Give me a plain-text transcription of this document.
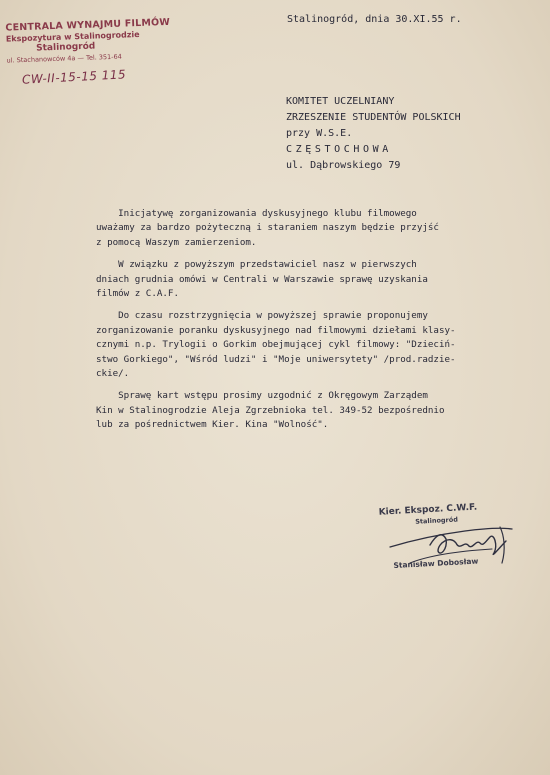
CENTRALA WYNAJMU FILMÓW
Ekspozytura w Stalinogrodzie
Stalinogród
ul. Stachanowców 4a — Tel. 351-64
CW-II-15-15 115
Stalinogród, dnia 30.XI.55 r.
KOMITET UCZELNIANY
ZRZESZENIE STUDENTÓW POLSKICH
przy W.S.E.
CZĘSTOCHOWA
ul. Dąbrowskiego 79

Inicjatywę zorganizowania dyskusyjnego klubu filmowego
uważamy za bardzo pożyteczną i staraniem naszym będzie przyjść
z pomocą Waszym zamierzeniom.

W związku z powyższym przedstawiciel nasz w pierwszych
dniach grudnia omówi w Centrali w Warszawie sprawę uzyskania
filmów z C.A.F.

Do czasu rozstrzygnięcia w powyższej sprawie proponujemy
zorganizowanie poranku dyskusyjnego nad filmowymi dziełami klasy-
cznymi n.p. Trylogii o Gorkim obejmującej cykl filmowy: "Dzieciń-
stwo Gorkiego", "Wśród ludzi" i "Moje uniwersytety" /prod.radzie-
ckie/.

Sprawę kart wstępu prosimy uzgodnić z Okręgowym Zarządem
Kin w Stalinogrodzie Aleja Zgrzebnioka tel. 349-52 bezpośrednio
lub za pośrednictwem Kier. Kina "Wolność".

Kier. Ekspoz. C.W.F.
Stalinogród
Stanisław Dobosław
